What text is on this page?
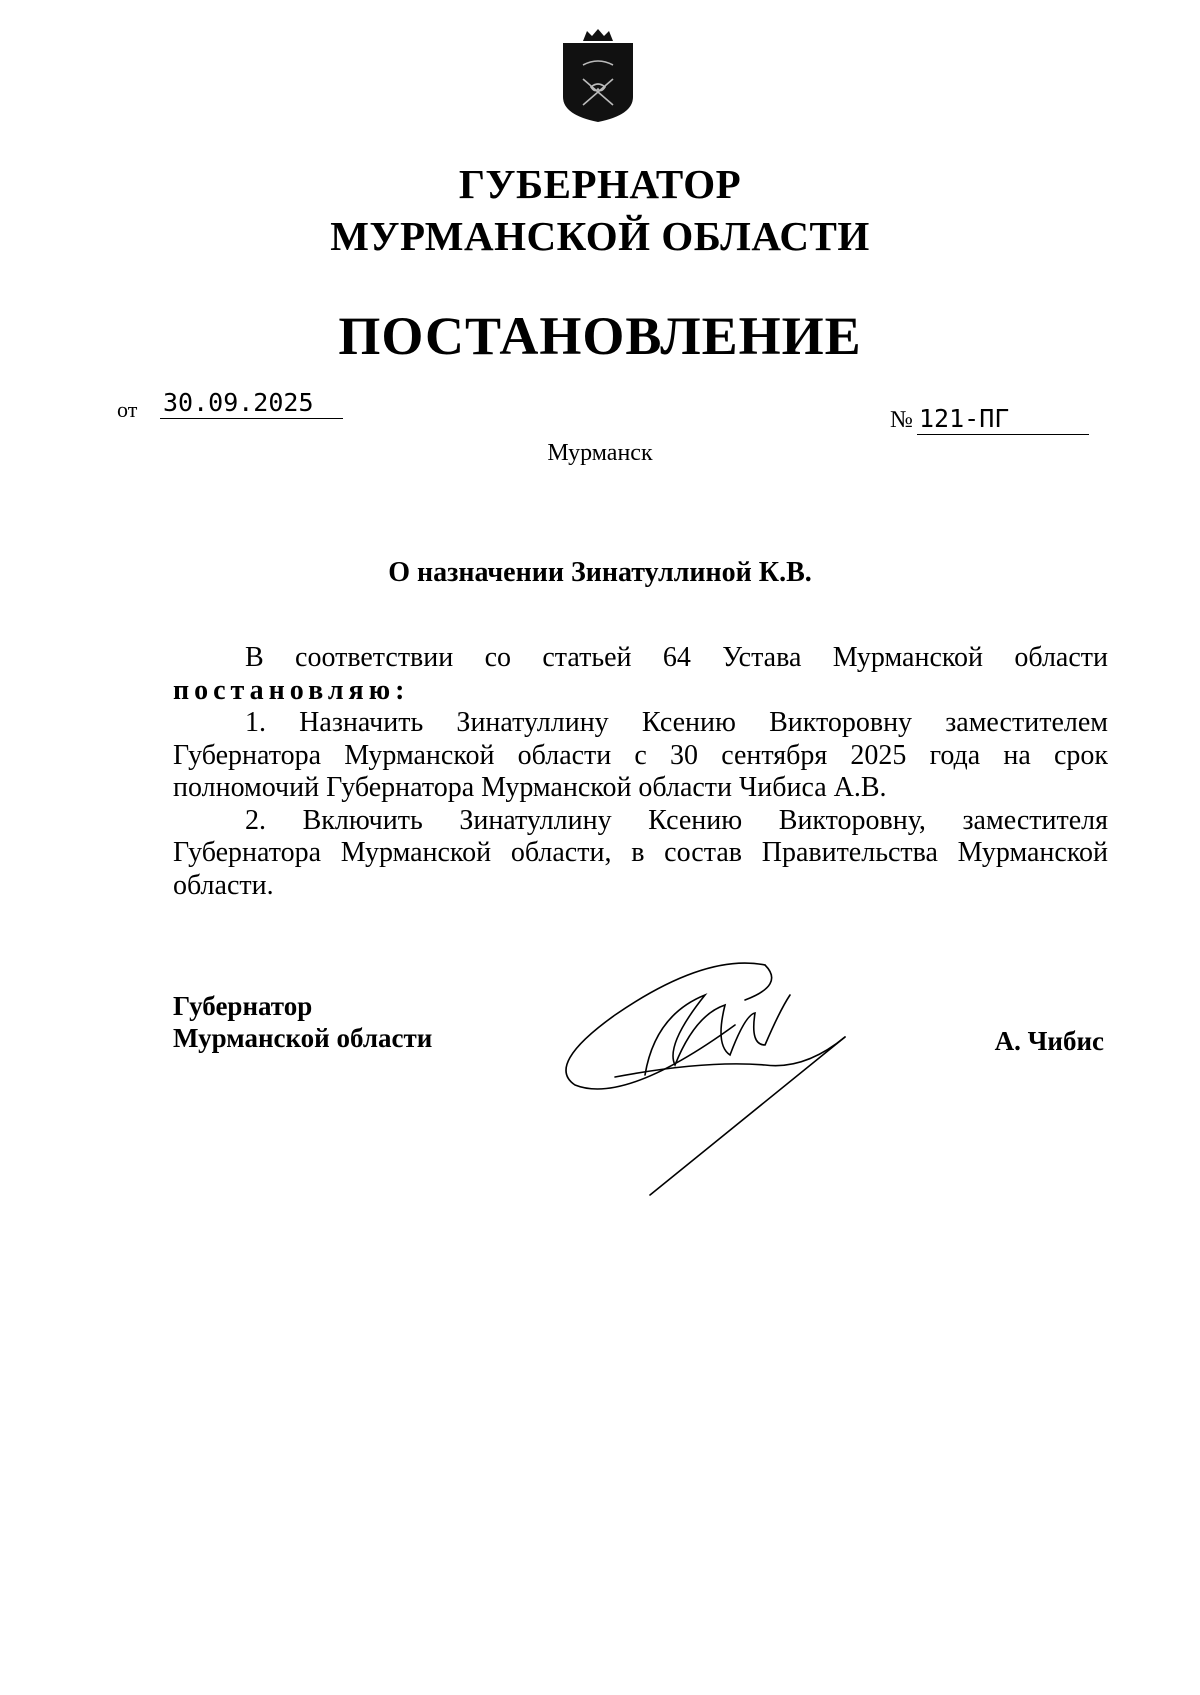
ГУБЕРНАТОР
МУРМАНСКОЙ ОБЛАСТИ
ПОСТАНОВЛЕНИЕ
от 30.09.2025
№ 121-ПГ
Мурманск
О назначении Зинатуллиной К.В.

В соответствии со статьей 64 Устава Мурманской области

постановляю:

1. Назначить Зинатуллину Ксению Викторовну заместителем Губернатора Мурманской области с 30 сентября 2025 года на срок полномочий Губернатора Мурманской области Чибиса А.В.

2. Включить Зинатуллину Ксению Викторовну, заместителя Губернатора Мурманской области, в состав Правительства Мурманской области.

Губернатор
Мурманской области	А. Чибис
